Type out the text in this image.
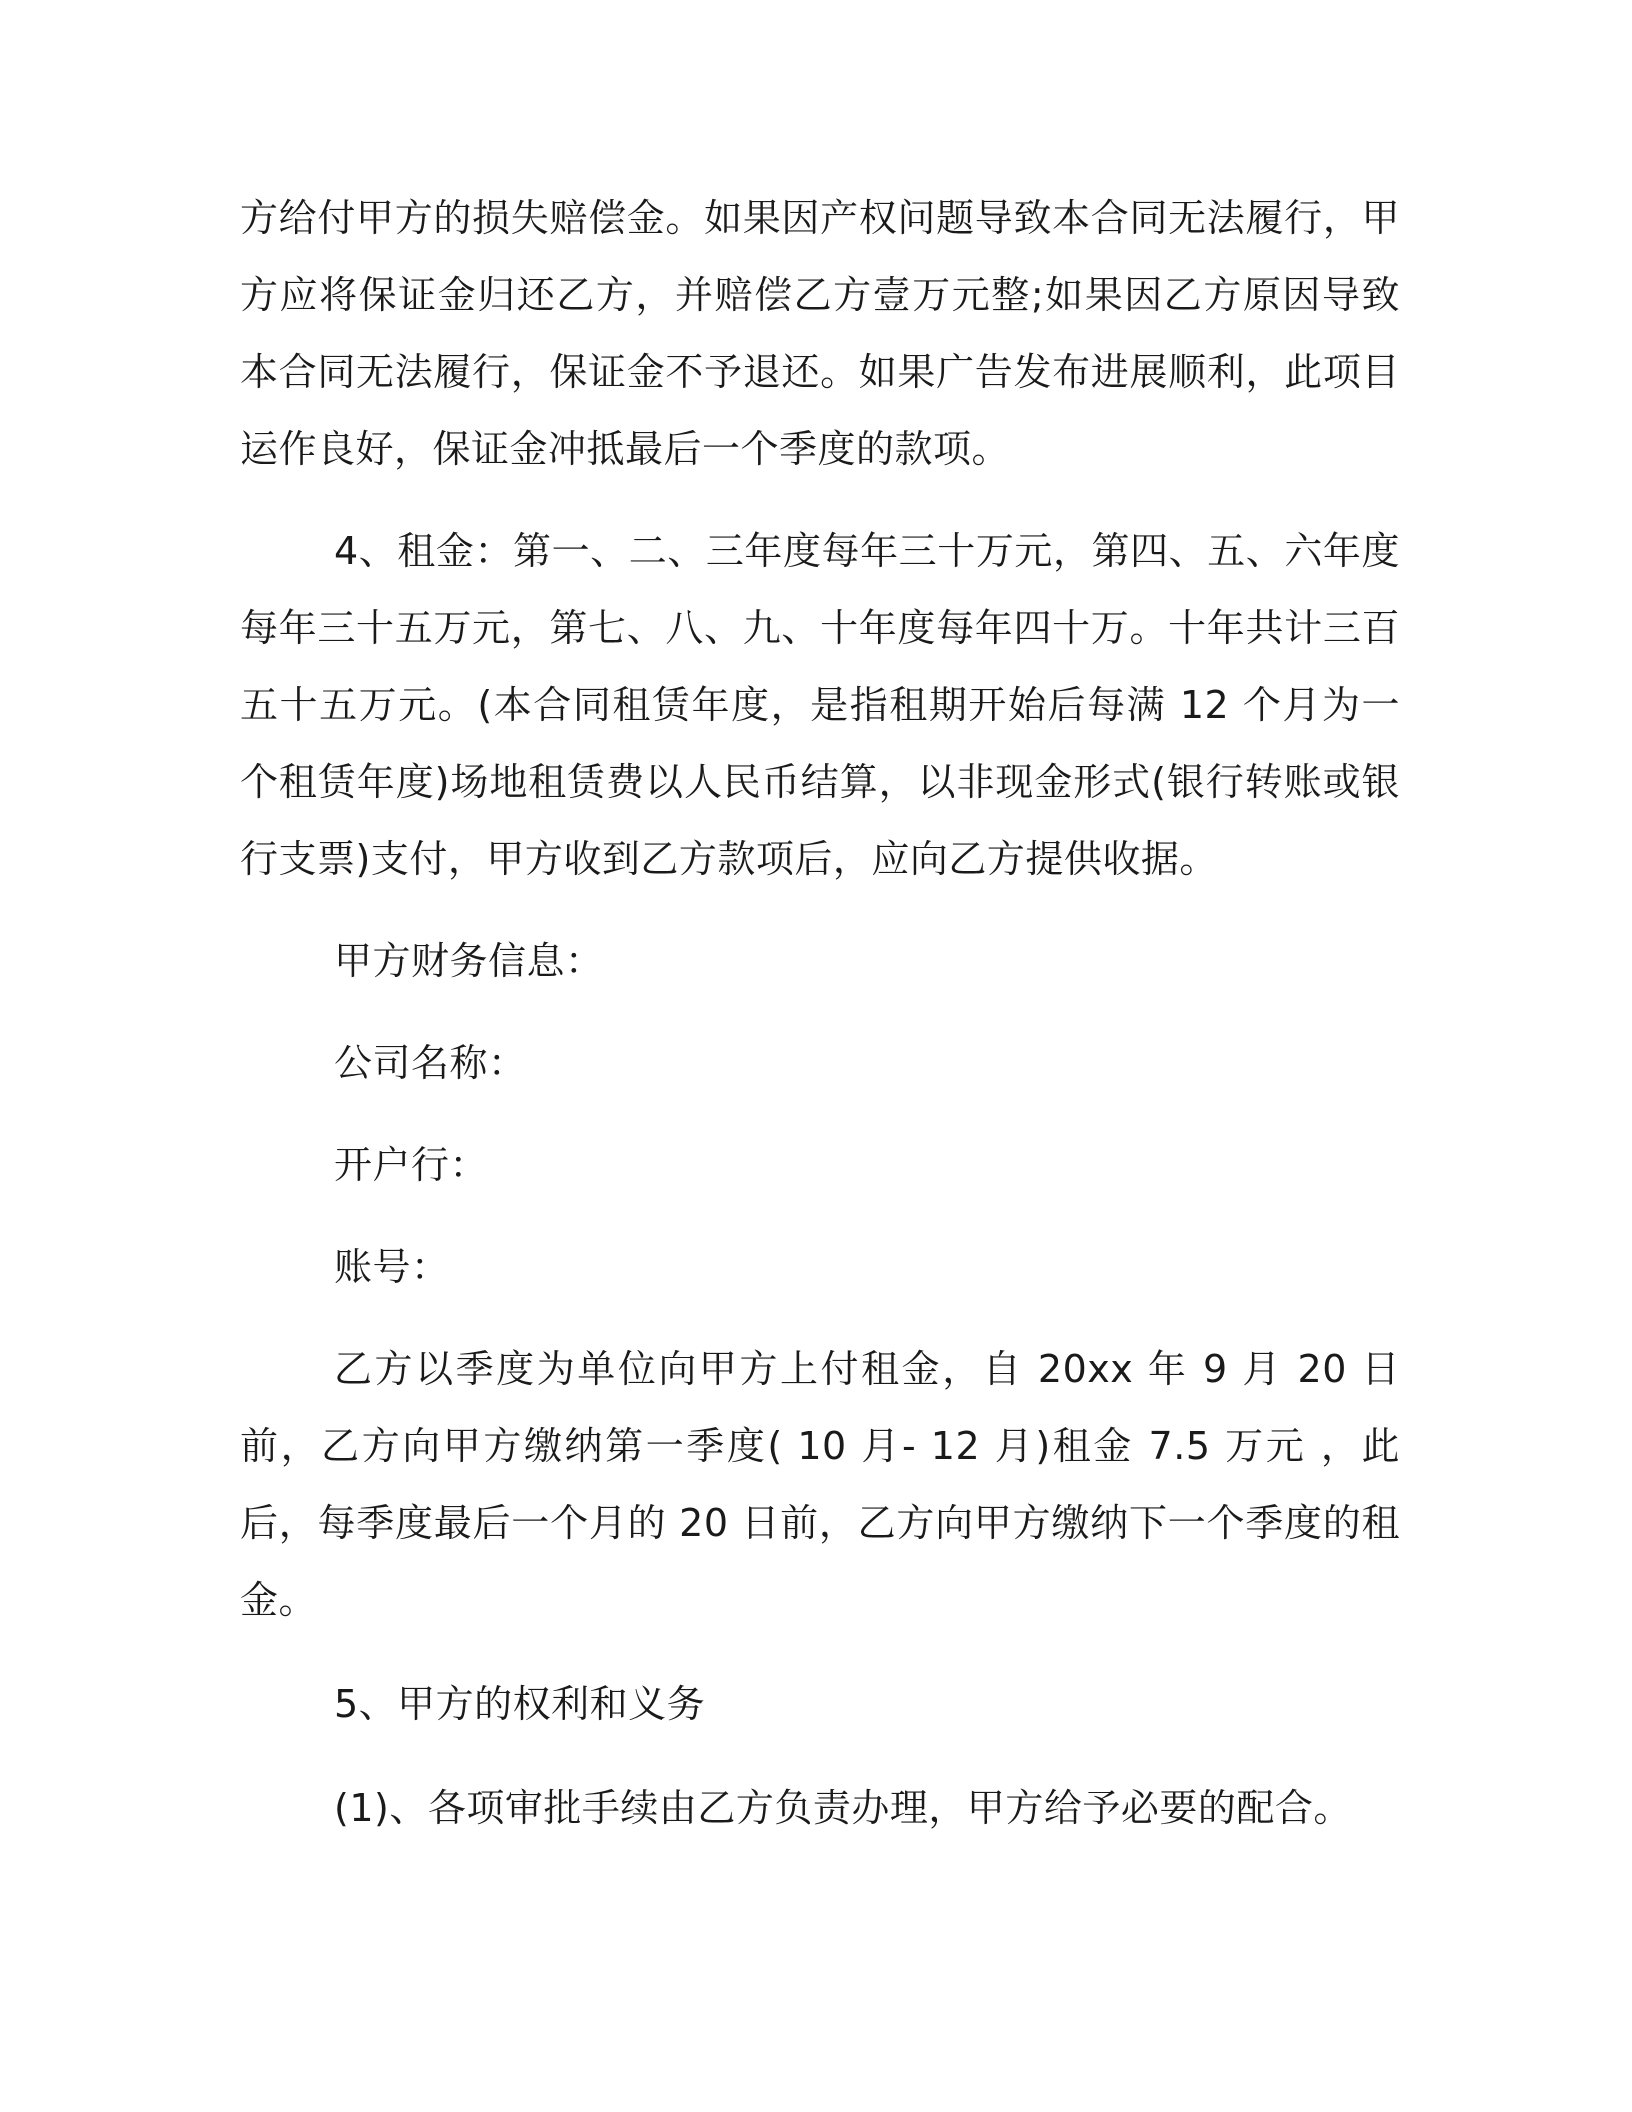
方给付甲方的损失赔偿金。如果因产权问题导致本合同无法履行，甲方应将保证金归还乙方，并赔偿乙方壹万元整;如果因乙方原因导致本合同无法履行，保证金不予退还。如果广告发布进展顺利，此项目运作良好，保证金冲抵最后一个季度的款项。

4、租金：第一、二、三年度每年三十万元，第四、五、六年度每年三十五万元，第七、八、九、十年度每年四十万。十年共计三百五十五万元。(本合同租赁年度，是指租期开始后每满 12 个月为一个租赁年度)场地租赁费以人民币结算，以非现金形式(银行转账或银行支票)支付，甲方收到乙方款项后，应向乙方提供收据。

甲方财务信息：

公司名称：

开户行：

账号：

乙方以季度为单位向甲方上付租金，自 20xx 年 9 月 20 日前，乙方向甲方缴纳第一季度( 10 月- 12 月)租金 7.5 万元 ，此后，每季度最后一个月的 20 日前，乙方向甲方缴纳下一个季度的租金。

5、甲方的权利和义务

(1)、各项审批手续由乙方负责办理，甲方给予必要的配合。
